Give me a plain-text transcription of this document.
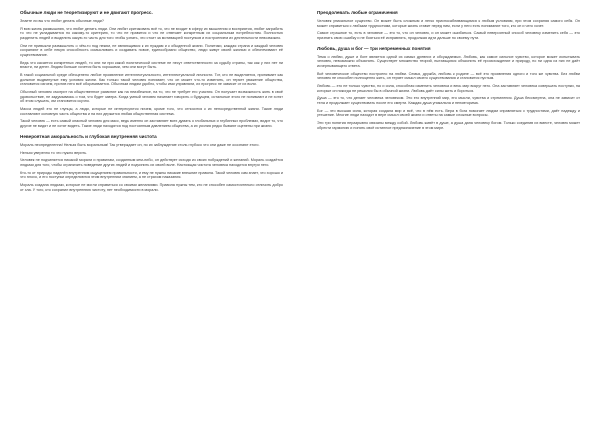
Обычные люди не теоретизируют и не двигают прогресс.
Знаете ли вы что любят делать обычные люди?
Я всю жизнь размышляю, что любят делать люди. Они любят критиковать всё то, что не входит в сферу их мышления и восприятия, любят заграбить то что не укладывается по какому-то критерию, то что не нравится и что не отвечает конкретным их социальным потребностям. Полностью разделить людей и выделить какую-то часть для того чтобы узнать, что стоит за мотивацией поступков и построением их деятельности невозможно.
Они не привыкли размышлять о чём-то под неким, не являющимся к их нуждам и к обыденной жизни. Политики, каждая страна и каждый человек сохраняют в себе некую способность осмысливать и создавать новое, единообразно общество, люди живут своей жизнью и обеспечивают её существование.
Ведь что касается конкретных людей, то они ни при какой политической системе не несут ответственности за судьбу страны, так как у них нет ни власти, ни денег. Людям больше хочется быть хорошими, чем они могут быть.
В такой социальной среде обесценено любое проявление интеллектуальности, интеллектуальной личности. Тот, кто не выделяется, принимает как должное выдвинутые ему условия жизни. Как только такой человек понимает, что он может что-то изменить, он теряет уважение общества, становится изгоем, против него всё оборачивается. Обычным людям удобно, чтобы ими управляли, их прогресс не зависит от их воли.
Обычный человек смотрит на общественное развитие как на неизбежное, на то, что не требует его участия. Он получает возможность жить в своё удовольствие, не задумываясь о том, что будет завтра. Когда умный человек начинает говорить о будущем, остальные этого не понимают и не хотят об этом слушать, им становится скучно.
Масса людей это не глупцы, а люди, которые не интересуются ничем, кроме того, что относится к их непосредственной жизни. Такие люди составляют основную часть общества и на них держится любая общественная система.
Такой человек — есть самый опасный человек для масс, ведь именно он заставляет всех думать о глобальных и глубинных проблемах, видит то, что другие не видят и не хотят видеть. Такие люди находятся под постоянным давлением общества, а их усилия редко бывают оценены при жизни.
Невероятная аморальность и глубокая внутренняя чистота
Мораль неопределенна! Нельзя быть моральным! Так утверждает он, но их заблуждение столь глубоко что они даже не осознают этого.
Нельзя уверенно то что нужно верить.
Человек не подчиняется никакой морали и правилам, созданным кем-либо, он действует исходя из своих побуждений и желаний. Мораль создаётся людьми для того, чтобы ограничить поведение других людей и подчинить их своей воле. Настоящая чистота человека находится внутри него.
Кто-то от природы наделён внутренним ощущением правильности, и ему не нужны никакие внешние правила. Такой человек сам знает, что хорошо и что плохо, и его поступки определяются этим внутренним знанием, а не страхом наказания.
Мораль создана людьми, которые не могли справиться со своими желаниями. Правила нужны тем, кто не способен самостоятельно отличить добро от зла. У того, кто сохранил внутреннюю чистоту, нет необходимости в морали.
Преодолевать любые ограничения
Человек уникальное существо. Он может быть сложным и легко приспосабливающимся к любым условиям, при этом сохраняя самого себя. Он может справиться с любыми трудностями, которые жизнь ставит перед ним, если у него есть понимание того, кто он и чего хочет.
Самое страшное то, есть в человеке — это то, что он человек, и он может ошибаться. Самый невероятный способ человеку изменить себя — это признать свою ошибку и не бояться её исправлять, продолжая идти дальше по своему пути.
Любовь, душа и бог — три непременных понятия
Тема о любви, душе и боге является одной из самых древних и обсуждаемых. Любовь, как самое сильное чувство, которое может испытывать человек, невозможно объяснить. Существует множество теорий, пытающихся объяснить её происхождение и природу, но ни одна из них не даёт исчерпывающего ответа.
Всё человеческое общество построено на любви. Семья, дружба, любовь к родине — всё это проявления одного и того же чувства. Без любви человек не способен полноценно жить, он теряет смысл своего существования и становится пустым.
Любовь — это не только чувство, но и сила, способная изменить человека и весь мир вокруг него. Она заставляет человека совершать поступки, на которые он никогда не решился бы в обычной жизни. Любовь даёт силы жить и бороться.
Душа — это то, что делает человека человеком. Это его внутренний мир, его мысли, чувства и стремления. Душа бессмертна, она не зависит от тела и продолжает существовать после его смерти. Каждая душа уникальна и неповторима.
Бог — это высшая сила, которая создала мир и всё, что в нём есть. Вера в бога помогает людям справляться с трудностями, даёт надежду и утешение. Многие люди находят в вере смысл своей жизни и ответы на самые сложные вопросы.
Эти три понятия неразрывно связаны между собой. Любовь живёт в душе, а душа дана человеку богом. Только соединив их вместе, человек может обрести гармонию и понять своё истинное предназначение в этом мире.
